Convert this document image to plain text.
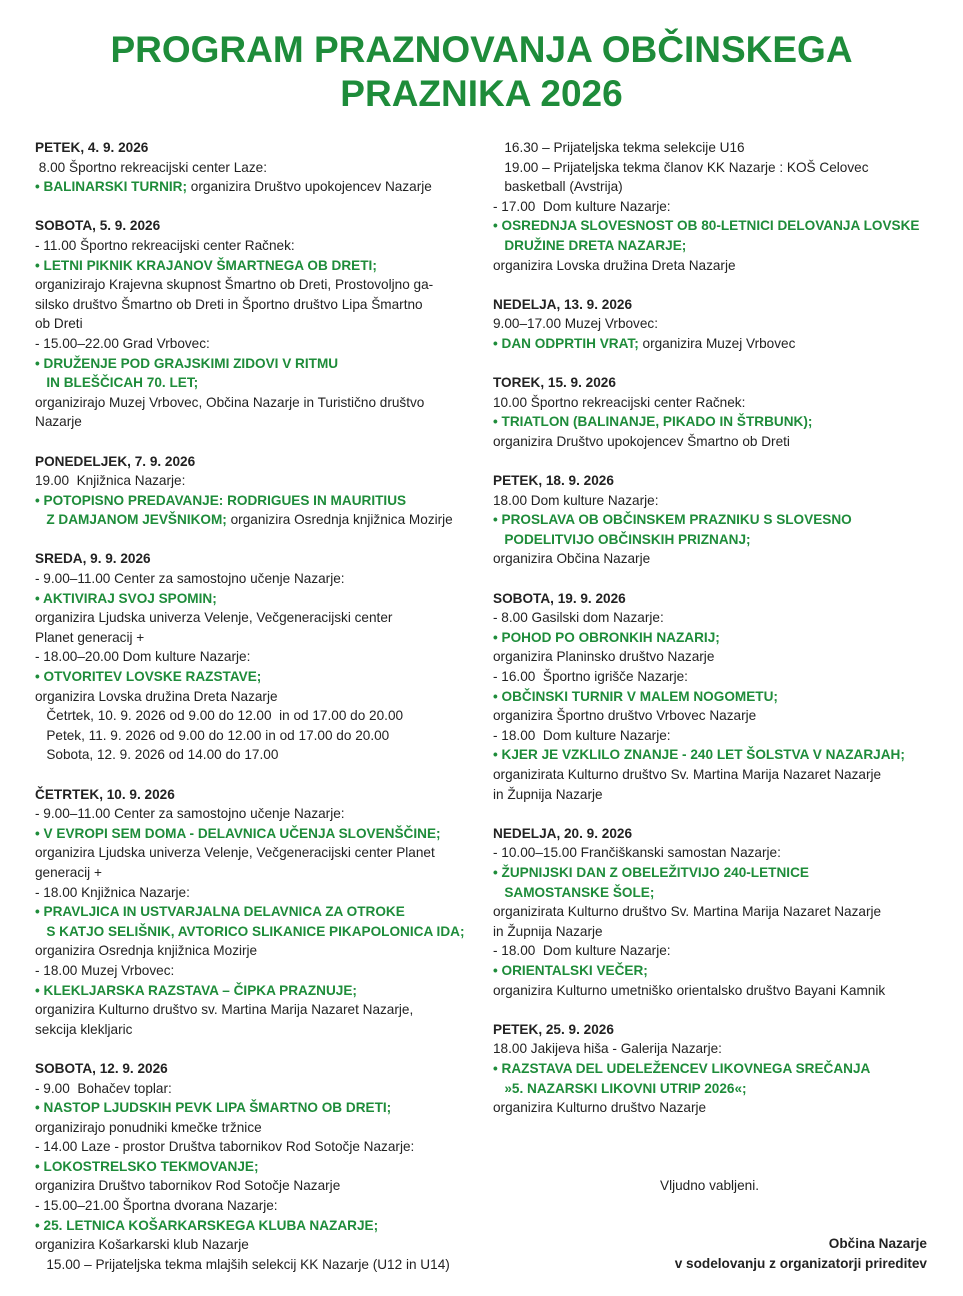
PROGRAM PRAZNOVANJA OBČINSKEGA
PRAZNIKA 2026
PETEK, 4. 9. 2026
8.00 Športno rekreacijski center Laze:
• BALINARSKI TURNIR; organizira Društvo upokojencev Nazarje
SOBOTA, 5. 9. 2026
- 11.00 Športno rekreacijski center Račnek:
• LETNI PIKNIK KRAJANOV ŠMARTNEGA OB DRETI;
organizirajo Krajevna skupnost Šmartno ob Dreti, Prostovoljno ga-
silsko društvo Šmartno ob Dreti in Športno društvo Lipa Šmartno
ob Dreti
- 15.00–22.00 Grad Vrbovec:
• DRUŽENJE POD GRAJSKIMI ZIDOVI V RITMU
IN BLEŠČICAH 70. LET;
organizirajo Muzej Vrbovec, Občina Nazarje in Turistično društvo
Nazarje
PONEDELJEK, 7. 9. 2026
19.00  Knjižnica Nazarje:
• POTOPISNO PREDAVANJE: RODRIGUES IN MAURITIUS
Z DAMJANOM JEVŠNIKOM; organizira Osrednja knjižnica Mozirje
SREDA, 9. 9. 2026
- 9.00–11.00 Center za samostojno učenje Nazarje:
• AKTIVIRAJ SVOJ SPOMIN;
organizira Ljudska univerza Velenje, Večgeneracijski center
Planet generacij +
- 18.00–20.00 Dom kulture Nazarje:
• OTVORITEV LOVSKE RAZSTAVE;
organizira Lovska družina Dreta Nazarje
Četrtek, 10. 9. 2026 od 9.00 do 12.00  in od 17.00 do 20.00
Petek, 11. 9. 2026 od 9.00 do 12.00 in od 17.00 do 20.00
Sobota, 12. 9. 2026 od 14.00 do 17.00
ČETRTEK, 10. 9. 2026
- 9.00–11.00 Center za samostojno učenje Nazarje:
• V EVROPI SEM DOMA - DELAVNICA UČENJA SLOVENŠČINE;
organizira Ljudska univerza Velenje, Večgeneracijski center Planet
generacij +
- 18.00 Knjižnica Nazarje:
• PRAVLJICA IN USTVARJALNA DELAVNICA ZA OTROKE
S KATJO SELIŠNIK, AVTORICO SLIKANICE PIKAPOLONICA IDA;
organizira Osrednja knjižnica Mozirje
- 18.00 Muzej Vrbovec:
• KLEKLJARSKA RAZSTAVA – ČIPKA PRAZNUJE;
organizira Kulturno društvo sv. Martina Marija Nazaret Nazarje,
sekcija klekljaric
SOBOTA, 12. 9. 2026
- 9.00  Bohačev toplar:
• NASTOP LJUDSKIH PEVK LIPA ŠMARTNO OB DRETI;
organizirajo ponudniki kmečke tržnice
- 14.00 Laze - prostor Društva tabornikov Rod Sotočje Nazarje:
• LOKOSTRELSKO TEKMOVANJE;
organizira Društvo tabornikov Rod Sotočje Nazarje
- 15.00–21.00 Športna dvorana Nazarje:
• 25. LETNICA KOŠARKARSKEGA KLUBA NAZARJE;
organizira Košarkarski klub Nazarje
15.00 – Prijateljska tekma mlajših selekcij KK Nazarje (U12 in U14)
16.30 – Prijateljska tekma selekcije U16
19.00 – Prijateljska tekma članov KK Nazarje : KOŠ Celovec
basketball (Avstrija)
- 17.00  Dom kulture Nazarje:
• OSREDNJA SLOVESNOST OB 80-LETNICI DELOVANJA LOVSKE
DRUŽINE DRETA NAZARJE;
organizira Lovska družina Dreta Nazarje
NEDELJA, 13. 9. 2026
9.00–17.00 Muzej Vrbovec:
• DAN ODPRTIH VRAT; organizira Muzej Vrbovec
TOREK, 15. 9. 2026
10.00 Športno rekreacijski center Račnek:
• TRIATLON (BALINANJE, PIKADO IN ŠTRBUNK);
organizira Društvo upokojencev Šmartno ob Dreti
PETEK, 18. 9. 2026
18.00 Dom kulture Nazarje:
• PROSLAVA OB OBČINSKEM PRAZNIKU S SLOVESNO
PODELITVIJO OBČINSKIH PRIZNANJ;
organizira Občina Nazarje
SOBOTA, 19. 9. 2026
- 8.00 Gasilski dom Nazarje:
• POHOD PO OBRONKIH NAZARIJ;
organizira Planinsko društvo Nazarje
- 16.00  Športno igrišče Nazarje:
• OBČINSKI TURNIR V MALEM NOGOMETU;
organizira Športno društvo Vrbovec Nazarje
- 18.00  Dom kulture Nazarje:
• KJER JE VZKLILO ZNANJE - 240 LET ŠOLSTVA V NAZARJAH;
organizirata Kulturno društvo Sv. Martina Marija Nazaret Nazarje
in Župnija Nazarje
NEDELJA, 20. 9. 2026
- 10.00–15.00 Frančiškanski samostan Nazarje:
• ŽUPNIJSKI DAN Z OBELEŽITVIJO 240-LETNICE
SAMOSTANSKE ŠOLE;
organizirata Kulturno društvo Sv. Martina Marija Nazaret Nazarje
in Župnija Nazarje
- 18.00  Dom kulture Nazarje:
• ORIENTALSKI VEČER;
organizira Kulturno umetniško orientalsko društvo Bayani Kamnik
PETEK, 25. 9. 2026
18.00 Jakijeva hiša - Galerija Nazarje:
• RAZSTAVA DEL UDELEŽENCEV LIKOVNEGA SREČANJA
»5. NAZARSKI LIKOVNI UTRIP 2026«;
organizira Kulturno društvo Nazarje
Vljudno vabljeni.
Občina Nazarje
v sodelovanju z organizatorji prireditev
